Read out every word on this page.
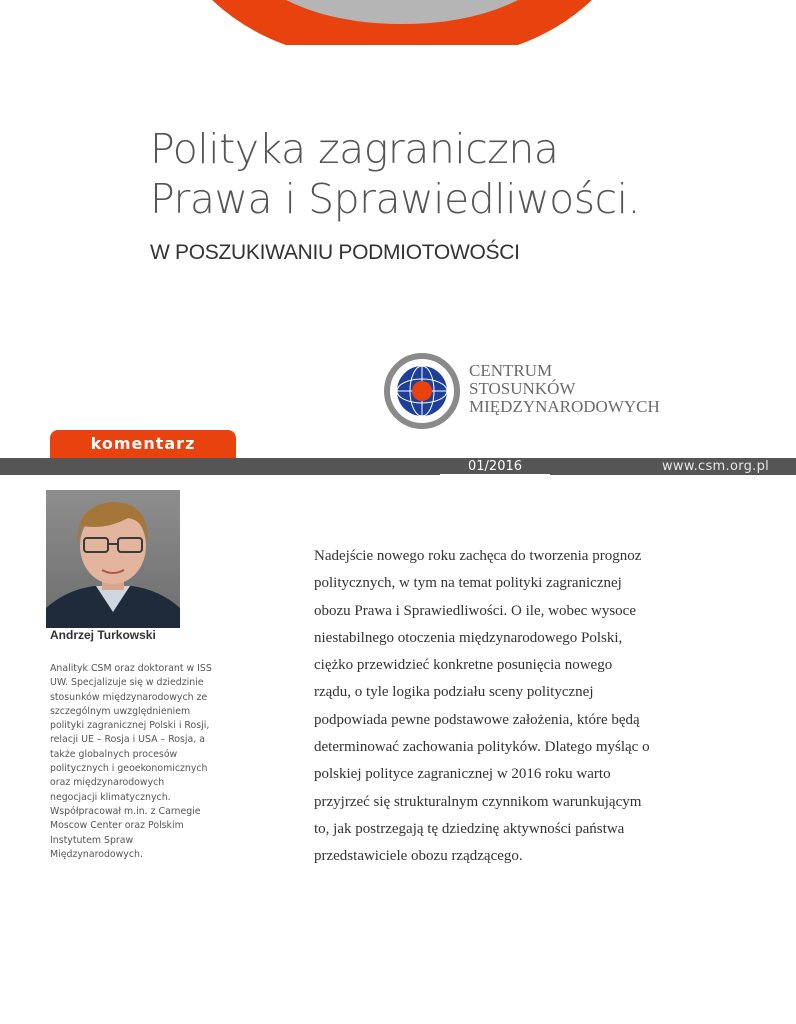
Polityka zagraniczna
Prawa i Sprawiedliwości.
W POSZUKIWANIU PODMIOTOWOŚCI
CENTRUM
STOSUNKÓW
MIĘDZYNARODOWYCH
komentarz
01/2016	www.csm.org.pl
Andrzej Turkowski
Analityk CSM oraz doktorant w ISS
UW. Specjalizuje się w dziedzinie
stosunków międzynarodowych ze
szczególnym uwzględnieniem
polityki zagranicznej Polski i Rosji,
relacji UE – Rosja i USA – Rosja, a
także globalnych procesów
politycznych i geoekonomicznych
oraz międzynarodowych
negocjacji klimatycznych.
Współpracował m.in. z Carnegie
Moscow Center oraz Polskim
Instytutem Spraw
Międzynarodowych.
Nadejście nowego roku zachęca do tworzenia prognoz
politycznych, w tym na temat polityki zagranicznej
obozu Prawa i Sprawiedliwości. O ile, wobec wysoce
niestabilnego otoczenia międzynarodowego Polski,
ciężko przewidzieć konkretne posunięcia nowego
rządu, o tyle logika podziału sceny politycznej
podpowiada pewne podstawowe założenia, które będą
determinować zachowania polityków. Dlatego myśląc o
polskiej polityce zagranicznej w 2016 roku warto
przyjrzeć się strukturalnym czynnikom warunkującym
to, jak postrzegają tę dziedzinę aktywności państwa
przedstawiciele obozu rządzącego.
